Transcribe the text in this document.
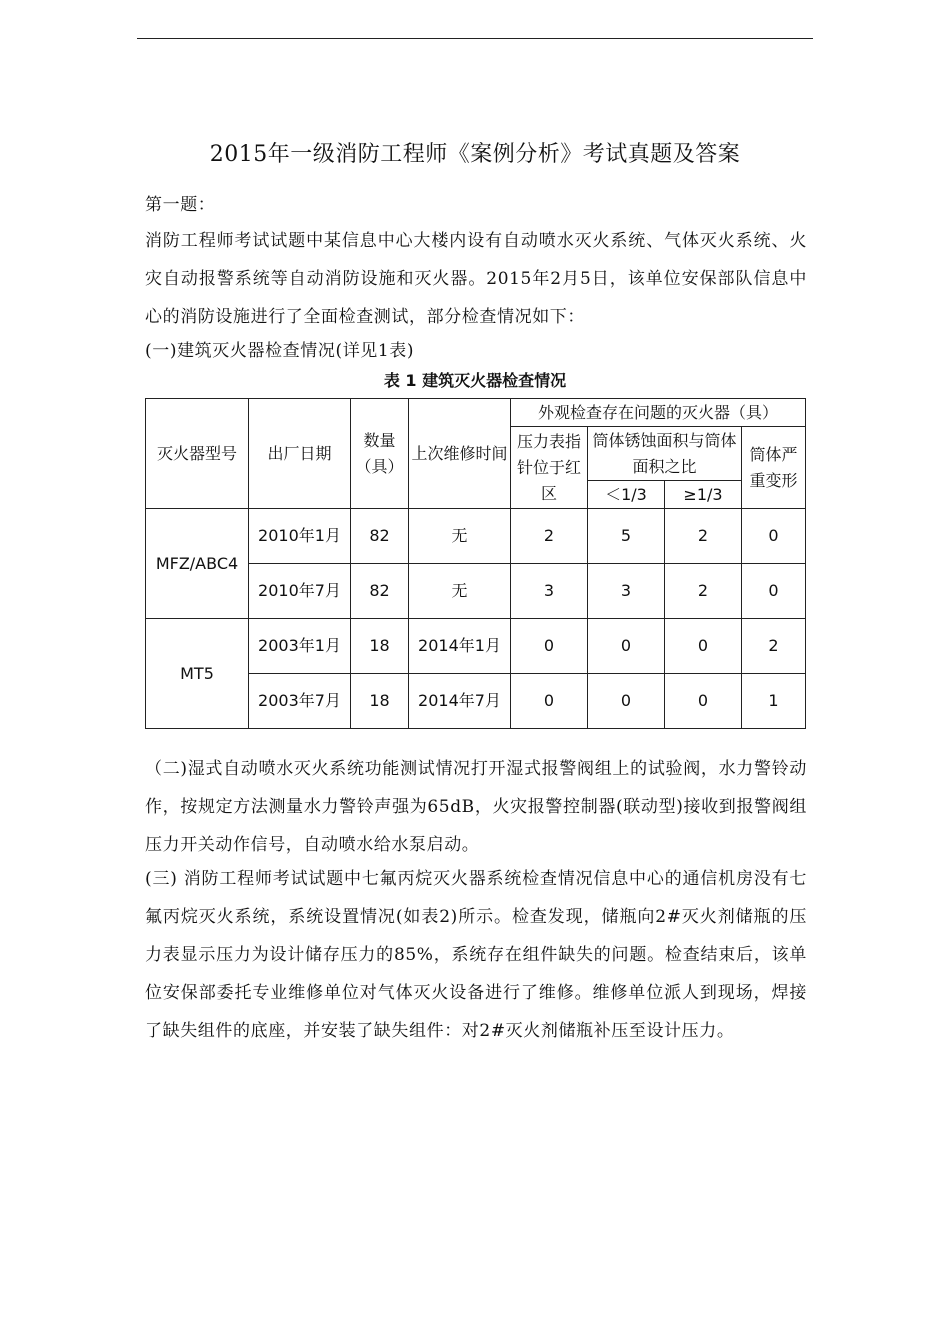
2015年一级消防工程师《案例分析》考试真题及答案
第一题：
消防工程师考试试题中某信息中心大楼内设有自动喷水灭火系统、气体灭火系统、火灾自动报警系统等自动消防设施和灭火器。2015年2月5日，该单位安保部队信息中心的消防设施进行了全面检查测试，部分检查情况如下：
(一)建筑灭火器检查情况(详见1表)
表 1 建筑灭火器检查情况
灭火器型号	出厂日期	数量（具）	上次维修时间	外观检查存在问题的灭火器（具）			
				压力表指针位于红区	筒体锈蚀面积与筒体面积之比		筒体严重变形
					＜1/3	≥1/3	
MFZ/ABC4	2010年1月	82	无	2	5	2	0
	2010年7月	82	无	3	3	2	0
MT5	2003年1月	18	2014年1月	0	0	0	2
	2003年7月	18	2014年7月	0	0	0	1
（二)湿式自动喷水灭火系统功能测试情况打开湿式报警阀组上的试验阀，水力警铃动作，按规定方法测量水力警铃声强为65dB，火灾报警控制器(联动型)接收到报警阀组压力开关动作信号，自动喷水给水泵启动。
(三) 消防工程师考试试题中七氟丙烷灭火器系统检查情况信息中心的通信机房没有七氟丙烷灭火系统，系统设置情况(如表2)所示。检查发现，储瓶向2#灭火剂储瓶的压力表显示压力为设计储存压力的85%，系统存在组件缺失的问题。检查结束后，该单位安保部委托专业维修单位对气体灭火设备进行了维修。维修单位派人到现场，焊接了缺失组件的底座，并安装了缺失组件：对2#灭火剂储瓶补压至设计压力。
